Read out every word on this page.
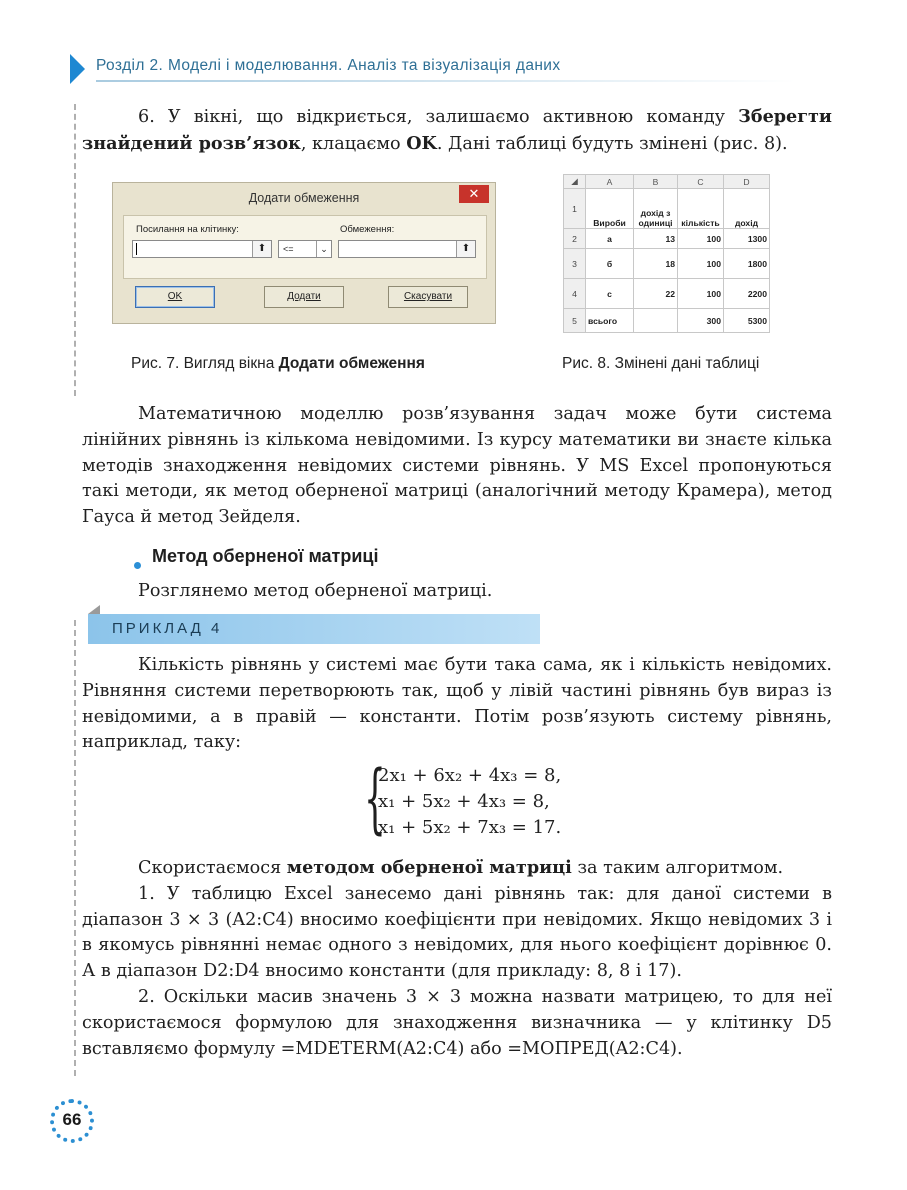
Розділ 2. Моделі і моделювання. Аналіз та візуалізація даних

6. У вікні, що відкриється, залишаємо активною команду Зберегти знайдений розв’язок, клацаємо OK. Дані таблиці будуть змінені (рис. 8).

Додати обмеження	✕
Посилання на клітинку:	Обмеження:
⬆	<=	⌄	⬆
OK	Додати	Скасувати
◢	A	B	C	D
1	Вироби	дохід з одиниці	кількість	дохід
2	а	13	100	1300
3	б	18	100	1800
4	с	22	100	2200
5	всього		300	5300
Рис. 7. Вигляд вікна Додати обмеження	Рис. 8. Змінені дані таблиці

Математичною моделлю розв’язування задач може бути система лінійних рівнянь із кількома невідомими. Із курсу математики ви знаєте кілька методів знаходження невідомих системи рівнянь. У MS Excel пропонуються такі методи, як метод оберненої матриці (аналогічний методу Крамера), метод Гауса й метод Зейделя.

Метод оберненої матриці

Розглянемо метод оберненої матриці.

ПРИКЛАД 4

Кількість рівнянь у системі має бути така сама, як і кількість невідомих. Рівняння системи перетворюють так, щоб у лівій частині рівнянь був вираз із невідомими, а в правій — константи. Потім розв’язують систему рівнянь, наприклад, таку:

{
2x₁ + 6x₂ + 4x₃ = 8,
x₁ + 5x₂ + 4x₃ = 8,
x₁ + 5x₂ + 7x₃ = 17.

Скористаємося методом оберненої матриці за таким алгоритмом.

1. У таблицю Excel занесемо дані рівнянь так: для даної системи в діапазон 3 × 3 (A2:C4) вносимо коефіцієнти при невідомих. Якщо невідомих 3 і в якомусь рівнянні немає одного з невідомих, для нього коефіцієнт дорівнює 0. А в діапазон D2:D4 вносимо константи (для прикладу: 8, 8 і 17).

2. Оскільки масив значень 3 × 3 можна назвати матрицею, то для неї скористаємося формулою для знаходження визначника — у клітинку D5 вставляємо формулу =MDETERM(A2:C4) або =МОПРЕД(A2:C4).

66
